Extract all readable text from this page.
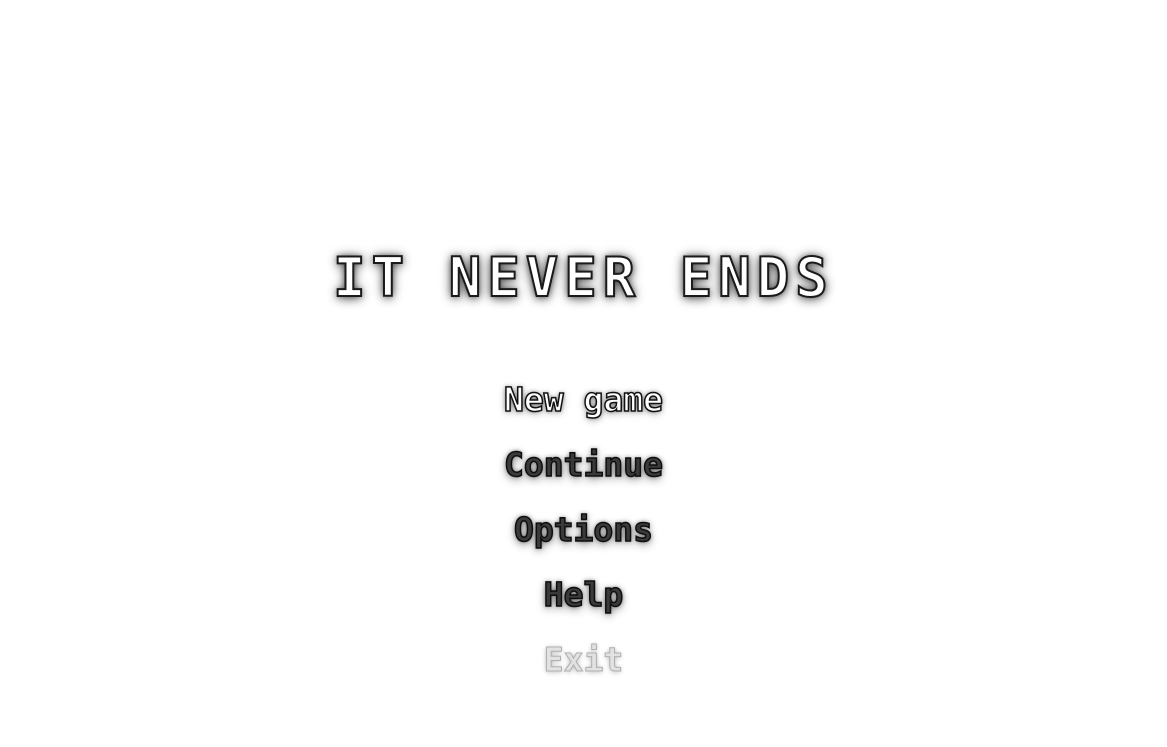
IT NEVER ENDS
New game
Continue
Options
Help
Exit
